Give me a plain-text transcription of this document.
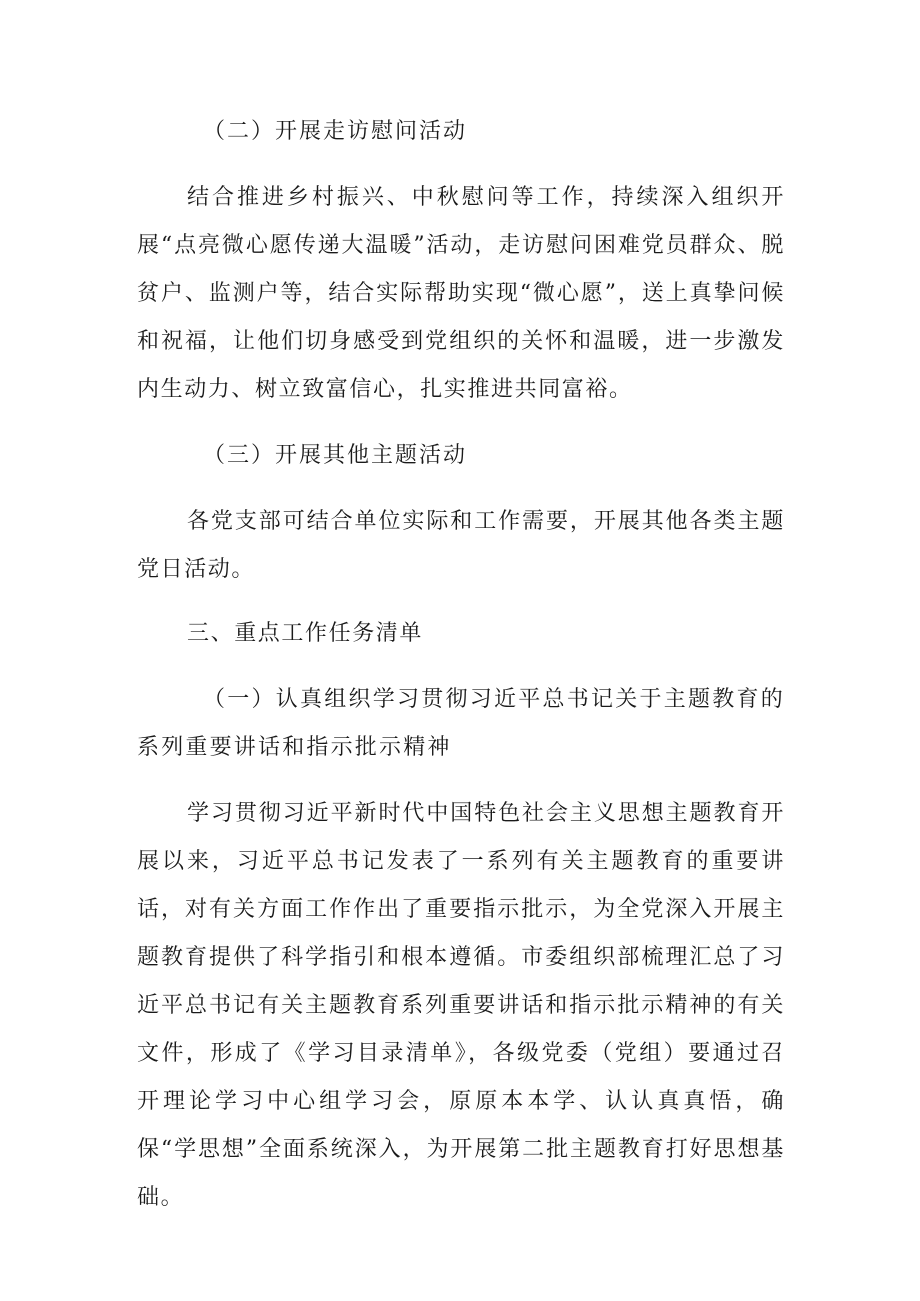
（二）开展走访慰问活动

结合推进乡村振兴、中秋慰问等工作，持续深入组织开展“点亮微心愿传递大温暖”活动，走访慰问困难党员群众、脱贫户、监测户等，结合实际帮助实现“微心愿”，送上真挚问候和祝福，让他们切身感受到党组织的关怀和温暖，进一步激发内生动力、树立致富信心，扎实推进共同富裕。

（三）开展其他主题活动

各党支部可结合单位实际和工作需要，开展其他各类主题党日活动。

三、重点工作任务清单

（一）认真组织学习贯彻习近平总书记关于主题教育的系列重要讲话和指示批示精神

学习贯彻习近平新时代中国特色社会主义思想主题教育开展以来，习近平总书记发表了一系列有关主题教育的重要讲话，对有关方面工作作出了重要指示批示，为全党深入开展主题教育提供了科学指引和根本遵循。市委组织部梳理汇总了习近平总书记有关主题教育系列重要讲话和指示批示精神的有关文件，形成了《学习目录清单》，各级党委（党组）要通过召开理论学习中心组学习会，原原本本学、认认真真悟，确保“学思想”全面系统深入，为开展第二批主题教育打好思想基础。
